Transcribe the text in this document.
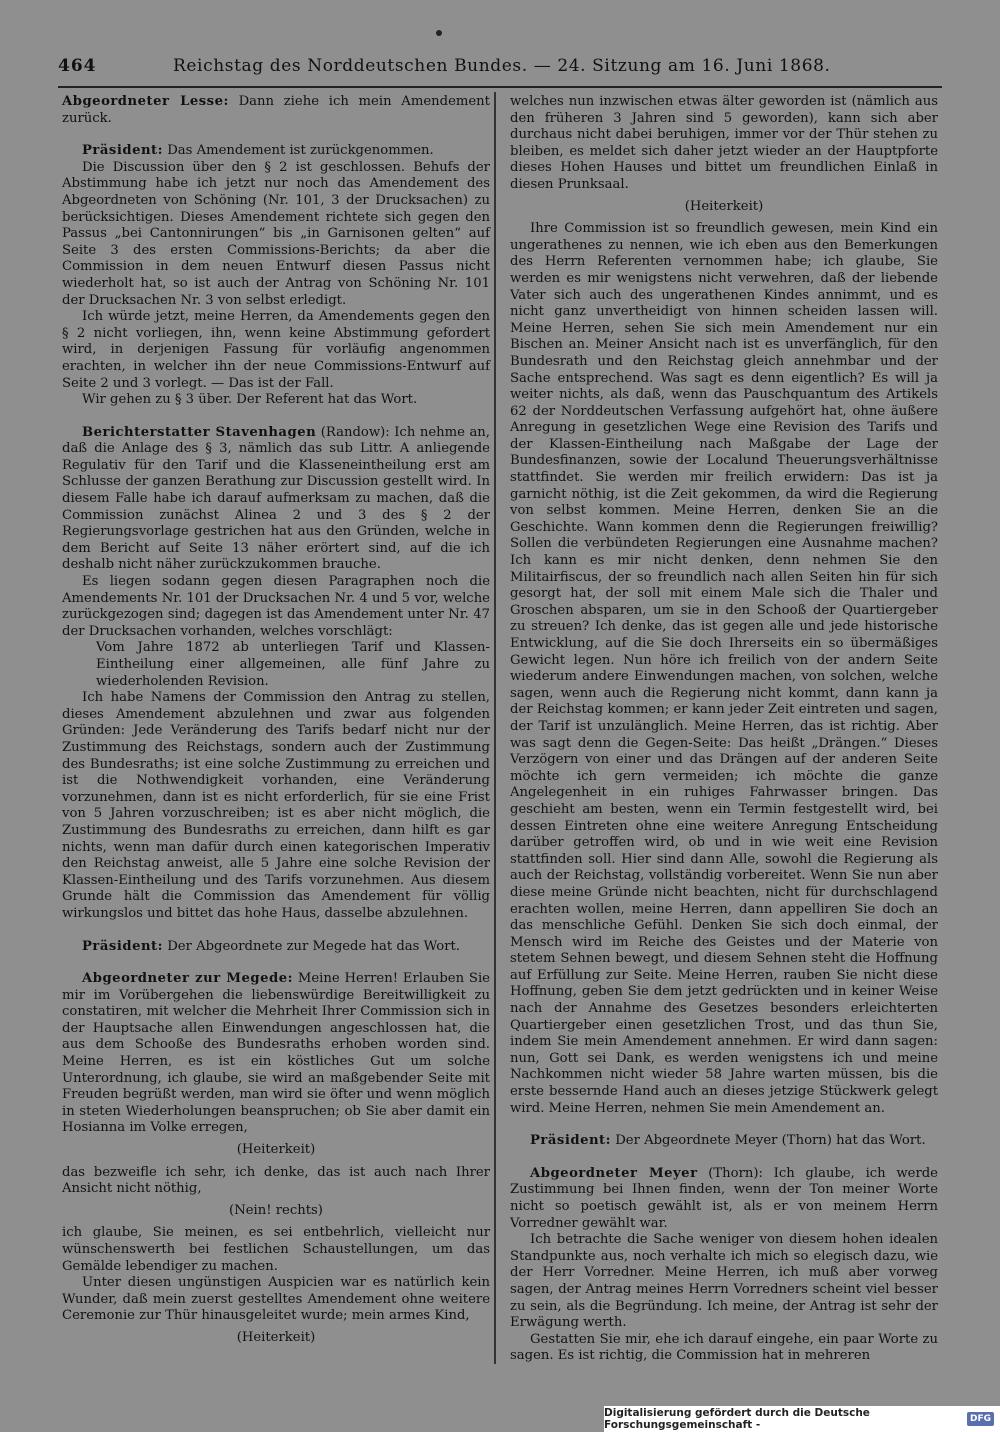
464	Reichstag des Norddeutschen Bundes. — 24. Sitzung am 16. Juni 1868.

Abgeordneter Lesse: Dann ziehe ich mein Amendement zurück.

Präsident: Das Amendement ist zurückgenommen.

Die Discussion über den § 2 ist geschlossen. Behufs der Abstimmung habe ich jetzt nur noch das Amendement des Abgeordneten von Schöning (Nr. 101, 3 der Drucksachen) zu berücksichtigen. Dieses Amendement richtete sich gegen den Passus „bei Cantonnirungen“ bis „in Garnisonen gelten“ auf Seite 3 des ersten Commissions-Berichts; da aber die Commission in dem neuen Entwurf diesen Passus nicht wiederholt hat, so ist auch der Antrag von Schöning Nr. 101 der Drucksachen Nr. 3 von selbst erledigt.

Ich würde jetzt, meine Herren, da Amendements gegen den § 2 nicht vorliegen, ihn, wenn keine Abstimmung gefordert wird, in derjenigen Fassung für vorläufig angenommen erachten, in welcher ihn der neue Commissions-Entwurf auf Seite 2 und 3 vorlegt. — Das ist der Fall.

Wir gehen zu § 3 über. Der Referent hat das Wort.

Berichterstatter Stavenhagen (Randow): Ich nehme an, daß die Anlage des § 3, nämlich das sub Littr. A anliegende Regulativ für den Tarif und die Klasseneintheilung erst am Schlusse der ganzen Berathung zur Discussion gestellt wird. In diesem Falle habe ich darauf aufmerksam zu machen, daß die Commission zunächst Alinea 2 und 3 des § 2 der Regierungsvorlage gestrichen hat aus den Gründen, welche in dem Bericht auf Seite 13 näher erörtert sind, auf die ich deshalb nicht näher zurückzukommen brauche.

Es liegen sodann gegen diesen Paragraphen noch die Amendements Nr. 101 der Drucksachen Nr. 4 und 5 vor, welche zurückgezogen sind; dagegen ist das Amendement unter Nr. 47 der Drucksachen vorhanden, welches vorschlägt:

Vom Jahre 1872 ab unterliegen Tarif und Klassen-Eintheilung einer allgemeinen, alle fünf Jahre zu wiederholenden Revision.

Ich habe Namens der Commission den Antrag zu stellen, dieses Amendement abzulehnen und zwar aus folgenden Gründen: Jede Veränderung des Tarifs bedarf nicht nur der Zustimmung des Reichstags, sondern auch der Zustimmung des Bundesraths; ist eine solche Zustimmung zu erreichen und ist die Nothwendigkeit vorhanden, eine Veränderung vorzunehmen, dann ist es nicht erforderlich, für sie eine Frist von 5 Jahren vorzuschreiben; ist es aber nicht möglich, die Zustimmung des Bundesraths zu erreichen, dann hilft es gar nichts, wenn man dafür durch einen kategorischen Imperativ den Reichstag anweist, alle 5 Jahre eine solche Revision der Klassen-Eintheilung und des Tarifs vorzunehmen. Aus diesem Grunde hält die Commission das Amendement für völlig wirkungslos und bittet das hohe Haus, dasselbe abzulehnen.

Präsident: Der Abgeordnete zur Megede hat das Wort.

Abgeordneter zur Megede: Meine Herren! Erlauben Sie mir im Vorübergehen die liebenswürdige Bereitwilligkeit zu constatiren, mit welcher die Mehrheit Ihrer Commission sich in der Hauptsache allen Einwendungen angeschlossen hat, die aus dem Schooße des Bundesraths erhoben worden sind. Meine Herren, es ist ein köstliches Gut um solche Unterordnung, ich glaube, sie wird an maßgebender Seite mit Freuden begrüßt werden, man wird sie öfter und wenn möglich in steten Wiederholungen beanspruchen; ob Sie aber damit ein Hosianna im Volke erregen,

(Heiterkeit)

das bezweifle ich sehr, ich denke, das ist auch nach Ihrer Ansicht nicht nöthig,

(Nein! rechts)

ich glaube, Sie meinen, es sei entbehrlich, vielleicht nur wünschenswerth bei festlichen Schaustellungen, um das Gemälde lebendiger zu machen.

Unter diesen ungünstigen Auspicien war es natürlich kein Wunder, daß mein zuerst gestelltes Amendement ohne weitere Ceremonie zur Thür hinausgeleitet wurde; mein armes Kind,

(Heiterkeit)

welches nun inzwischen etwas älter geworden ist (nämlich aus den früheren 3 Jahren sind 5 geworden), kann sich aber durchaus nicht dabei beruhigen, immer vor der Thür stehen zu bleiben, es meldet sich daher jetzt wieder an der Hauptpforte dieses Hohen Hauses und bittet um freundlichen Einlaß in diesen Prunksaal.

(Heiterkeit)

Ihre Commission ist so freundlich gewesen, mein Kind ein ungerathenes zu nennen, wie ich eben aus den Bemerkungen des Herrn Referenten vernommen habe; ich glaube, Sie werden es mir wenigstens nicht verwehren, daß der liebende Vater sich auch des ungerathenen Kindes annimmt, und es nicht ganz unvertheidigt von hinnen scheiden lassen will. Meine Herren, sehen Sie sich mein Amendement nur ein Bischen an. Meiner Ansicht nach ist es unverfänglich, für den Bundesrath und den Reichstag gleich annehmbar und der Sache entsprechend. Was sagt es denn eigentlich? Es will ja weiter nichts, als daß, wenn das Pauschquantum des Artikels 62 der Norddeutschen Verfassung aufgehört hat, ohne äußere Anregung in gesetzlichen Wege eine Revision des Tarifs und der Klassen-Eintheilung nach Maßgabe der Lage der Bundesfinanzen, sowie der Localund Theuerungsverhältnisse stattfindet. Sie werden mir freilich erwidern: Das ist ja garnicht nöthig, ist die Zeit gekommen, da wird die Regierung von selbst kommen. Meine Herren, denken Sie an die Geschichte. Wann kommen denn die Regierungen freiwillig? Sollen die verbündeten Regierungen eine Ausnahme machen? Ich kann es mir nicht denken, denn nehmen Sie den Militairfiscus, der so freundlich nach allen Seiten hin für sich gesorgt hat, der soll mit einem Male sich die Thaler und Groschen absparen, um sie in den Schooß der Quartiergeber zu streuen? Ich denke, das ist gegen alle und jede historische Entwicklung, auf die Sie doch Ihrerseits ein so übermäßiges Gewicht legen. Nun höre ich freilich von der andern Seite wiederum andere Einwendungen machen, von solchen, welche sagen, wenn auch die Regierung nicht kommt, dann kann ja der Reichstag kommen; er kann jeder Zeit eintreten und sagen, der Tarif ist unzulänglich. Meine Herren, das ist richtig. Aber was sagt denn die Gegen-Seite: Das heißt „Drängen.“ Dieses Verzögern von einer und das Drängen auf der anderen Seite möchte ich gern vermeiden; ich möchte die ganze Angelegenheit in ein ruhiges Fahrwasser bringen. Das geschieht am besten, wenn ein Termin festgestellt wird, bei dessen Eintreten ohne eine weitere Anregung Entscheidung darüber getroffen wird, ob und in wie weit eine Revision stattfinden soll. Hier sind dann Alle, sowohl die Regierung als auch der Reichstag, vollständig vorbereitet. Wenn Sie nun aber diese meine Gründe nicht beachten, nicht für durchschlagend erachten wollen, meine Herren, dann appelliren Sie doch an das menschliche Gefühl. Denken Sie sich doch einmal, der Mensch wird im Reiche des Geistes und der Materie von stetem Sehnen bewegt, und diesem Sehnen steht die Hoffnung auf Erfüllung zur Seite. Meine Herren, rauben Sie nicht diese Hoffnung, geben Sie dem jetzt gedrückten und in keiner Weise nach der Annahme des Gesetzes besonders erleichterten Quartiergeber einen gesetzlichen Trost, und das thun Sie, indem Sie mein Amendement annehmen. Er wird dann sagen: nun, Gott sei Dank, es werden wenigstens ich und meine Nachkommen nicht wieder 58 Jahre warten müssen, bis die erste bessernde Hand auch an dieses jetzige Stückwerk gelegt wird. Meine Herren, nehmen Sie mein Amendement an.

Präsident: Der Abgeordnete Meyer (Thorn) hat das Wort.

Abgeordneter Meyer (Thorn): Ich glaube, ich werde Zustimmung bei Ihnen finden, wenn der Ton meiner Worte nicht so poetisch gewählt ist, als er von meinem Herrn Vorredner gewählt war.

Ich betrachte die Sache weniger von diesem hohen idealen Standpunkte aus, noch verhalte ich mich so elegisch dazu, wie der Herr Vorredner. Meine Herren, ich muß aber vorweg sagen, der Antrag meines Herrn Vorredners scheint viel besser zu sein, als die Begründung. Ich meine, der Antrag ist sehr der Erwägung werth.

Gestatten Sie mir, ehe ich darauf eingehe, ein paar Worte zu sagen. Es ist richtig, die Commission hat in mehreren

Digitalisierung gefördert durch die Deutsche Forschungsgemeinschaft -	DFG
